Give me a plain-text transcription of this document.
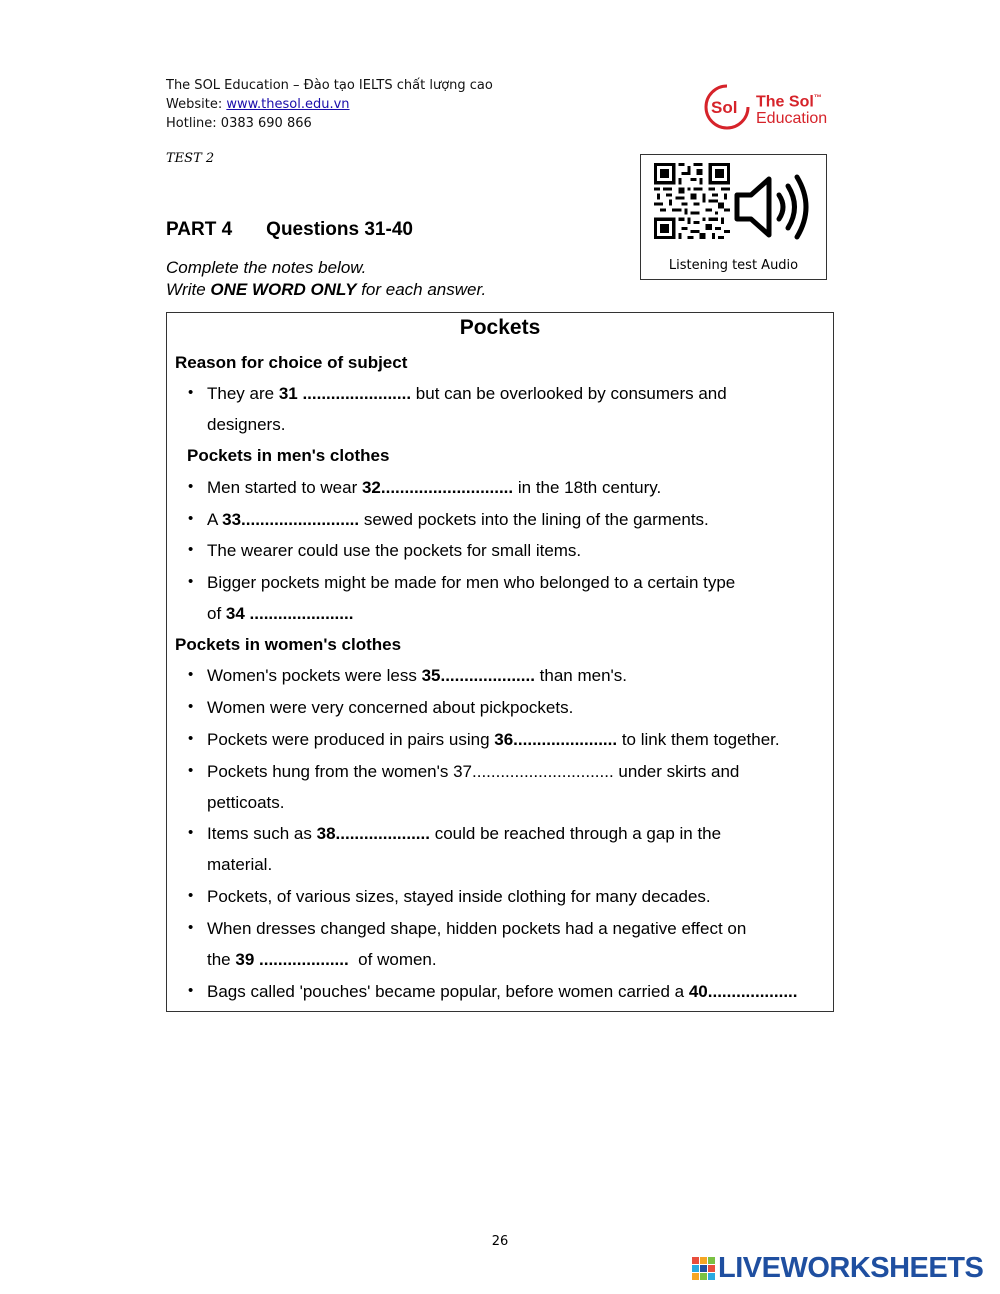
The SOL Education – Đào tạo IELTS chất lượng cao
Website: www.thesol.edu.vn
Hotline: 0383 690 866
Sol The Sol™
Education
TEST 2
Listening test Audio
PART 4 Questions 31-40
Complete the notes below.
Write ONE WORD ONLY for each answer.
Pockets
Reason for choice of subject
• They are 31 ....................... but can be overlooked by consumers and
designers.
Pockets in men's clothes
• Men started to wear 32............................ in the 18th century.
• A 33......................... sewed pockets into the lining of the garments.
• The wearer could use the pockets for small items.
• Bigger pockets might be made for men who belonged to a certain type
of 34 ......................
Pockets in women's clothes
• Women's pockets were less 35.................... than men's.
• Women were very concerned about pickpockets.
• Pockets were produced in pairs using 36...................... to link them together.
• Pockets hung from the women's 37.............................. under skirts and
petticoats.
• Items such as 38.................... could be reached through a gap in the
material.
• Pockets, of various sizes, stayed inside clothing for many decades.
• When dresses changed shape, hidden pockets had a negative effect on
the 39 ...................  of women.
• Bags called 'pouches' became popular, before women carried a 40...................
26
LIVEWORKSHEETS
